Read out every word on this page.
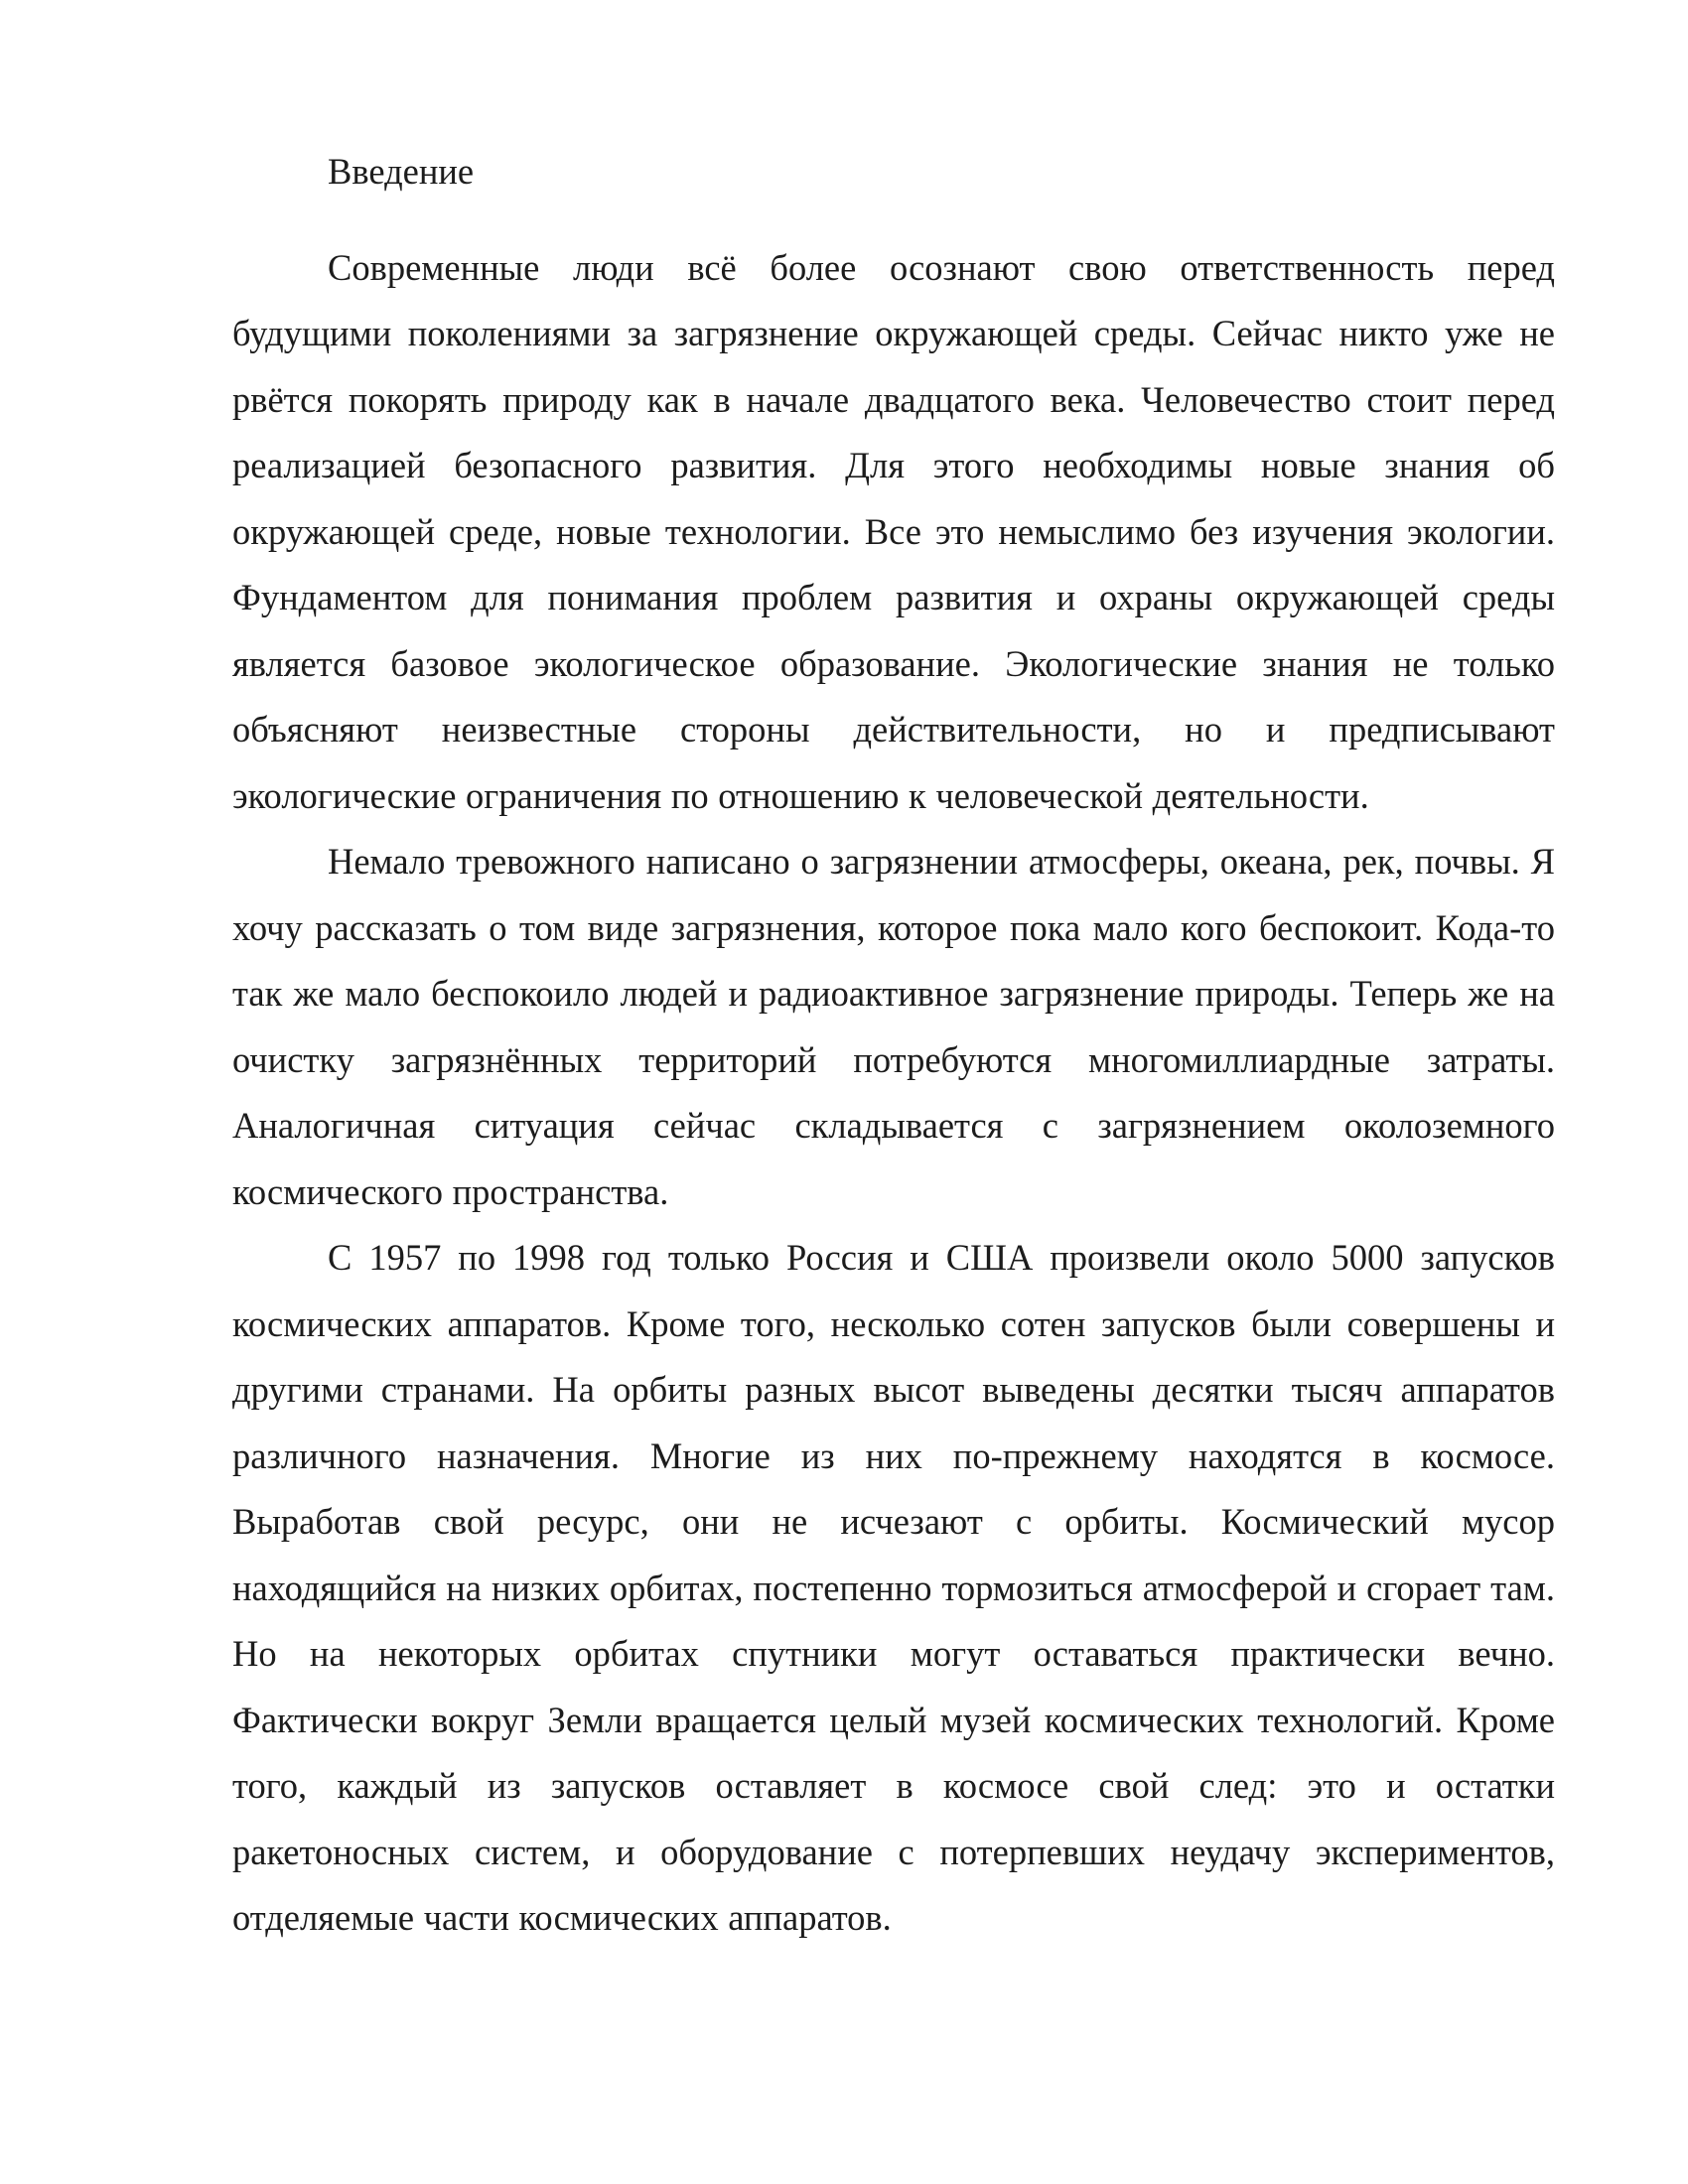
Введение

Современные люди всё более осознают свою ответственность перед будущими поколениями за загрязнение окружающей среды. Сейчас никто уже не рвётся покорять природу как в начале двадцатого века. Человечество стоит перед реализацией безопасного развития. Для этого необходимы новые знания об окружающей среде, новые технологии. Все это немыслимо без изучения экологии. Фундаментом для понимания проблем развития и охраны окружающей среды является базовое экологическое образование. Экологические знания не только объясняют неизвестные стороны действительности, но и предписывают экологические ограничения по отношению к человеческой деятельности.

Немало тревожного написано о загрязнении атмосферы, океана, рек, почвы. Я хочу рассказать о том виде загрязнения, которое пока мало кого беспокоит. Кода-то так же мало беспокоило людей и радиоактивное загрязнение природы. Теперь же на очистку загрязнённых территорий потребуются многомиллиардные затраты. Аналогичная ситуация сейчас складывается с загрязнением околоземного космического пространства.

С 1957 по 1998 год только Россия и США произвели около 5000 запусков космических аппаратов. Кроме того, несколько сотен запусков были совершены и другими странами. На орбиты разных высот выведены десятки тысяч аппаратов различного назначения. Многие из них по-прежнему находятся в космосе. Выработав свой ресурс, они не исчезают с орбиты. Космический мусор находящийся на низких орбитах, постепенно тормозиться атмосферой и сгорает там. Но на некоторых орбитах спутники могут оставаться практически вечно. Фактически вокруг Земли вращается целый музей космических технологий. Кроме того, каждый из запусков оставляет в космосе свой след: это и остатки ракетоносных систем, и оборудование с потерпевших неудачу экспериментов, отделяемые части космических аппаратов.
